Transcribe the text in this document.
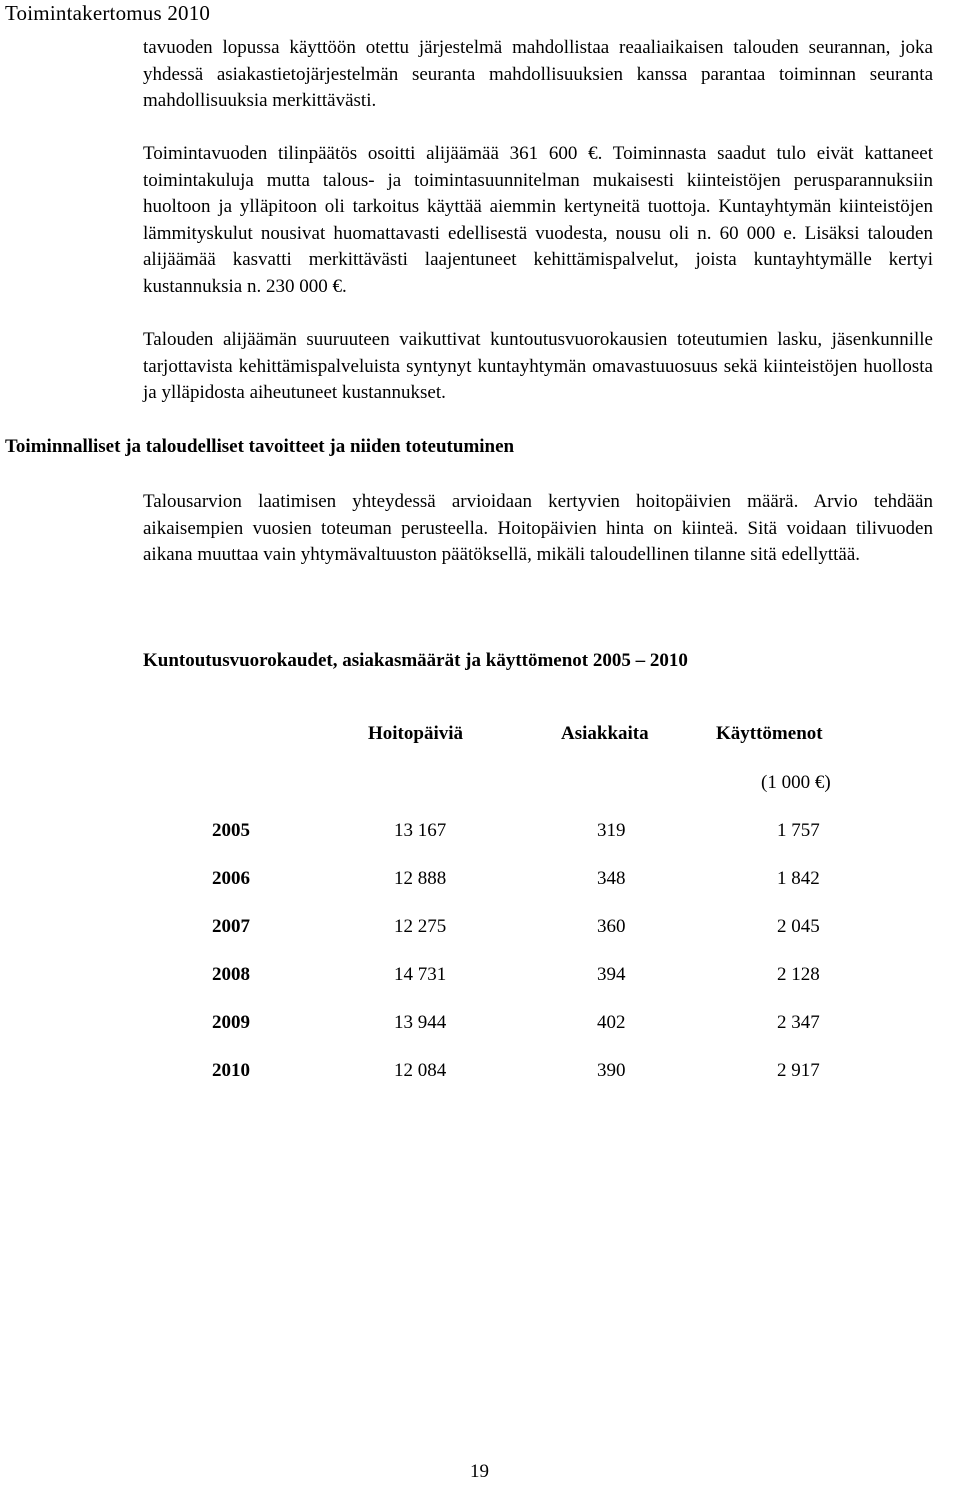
Toimintakertomus 2010

tavuoden lopussa käyttöön otettu järjestelmä mahdollistaa reaaliaikaisen talouden seurannan, joka yhdessä asiakastietojärjestelmän seuranta mahdollisuuksien kanssa parantaa toiminnan seuranta mahdollisuuksia merkittävästi.

Toimintavuoden tilinpäätös osoitti alijäämää 361 600 €. Toiminnasta saadut tulo eivät kattaneet toimintakuluja mutta talous- ja toimintasuunnitelman mukaisesti kiinteistöjen perusparannuksiin huoltoon ja ylläpitoon oli tarkoitus käyttää aiemmin kertyneitä tuottoja. Kuntayhtymän kiinteistöjen lämmityskulut nousivat huomattavasti edellisestä vuodesta, nousu oli n. 60 000 e. Lisäksi talouden alijäämää kasvatti merkittävästi laajentuneet kehittämispalvelut, joista kuntayhtymälle kertyi kustannuksia n. 230 000 €.

Talouden alijäämän suuruuteen vaikuttivat kuntoutusvuorokausien toteutumien lasku, jäsenkunnille tarjottavista kehittämispalveluista syntynyt kuntayhtymän omavastuuosuus sekä kiinteistöjen huollosta ja ylläpidosta aiheutuneet kustannukset.

Toiminnalliset ja taloudelliset tavoitteet ja niiden toteutuminen

Talousarvion laatimisen yhteydessä arvioidaan kertyvien hoitopäivien määrä. Arvio tehdään aikaisempien vuosien toteuman perusteella. Hoitopäivien hinta on kiinteä. Sitä voidaan tilivuoden aikana muuttaa vain yhtymävaltuuston päätöksellä, mikäli taloudellinen tilanne sitä edellyttää.

Kuntoutusvuorokaudet, asiakasmäärät ja käyttömenot 2005 – 2010
Hoitopäiviä	Asiakkaita	Käyttömenot
(1 000 €)
2005	13 167	319	1 757
2006	12 888	348	1 842
2007	12 275	360	2 045
2008	14 731	394	2 128
2009	13 944	402	2 347
2010	12 084	390	2 917
19
